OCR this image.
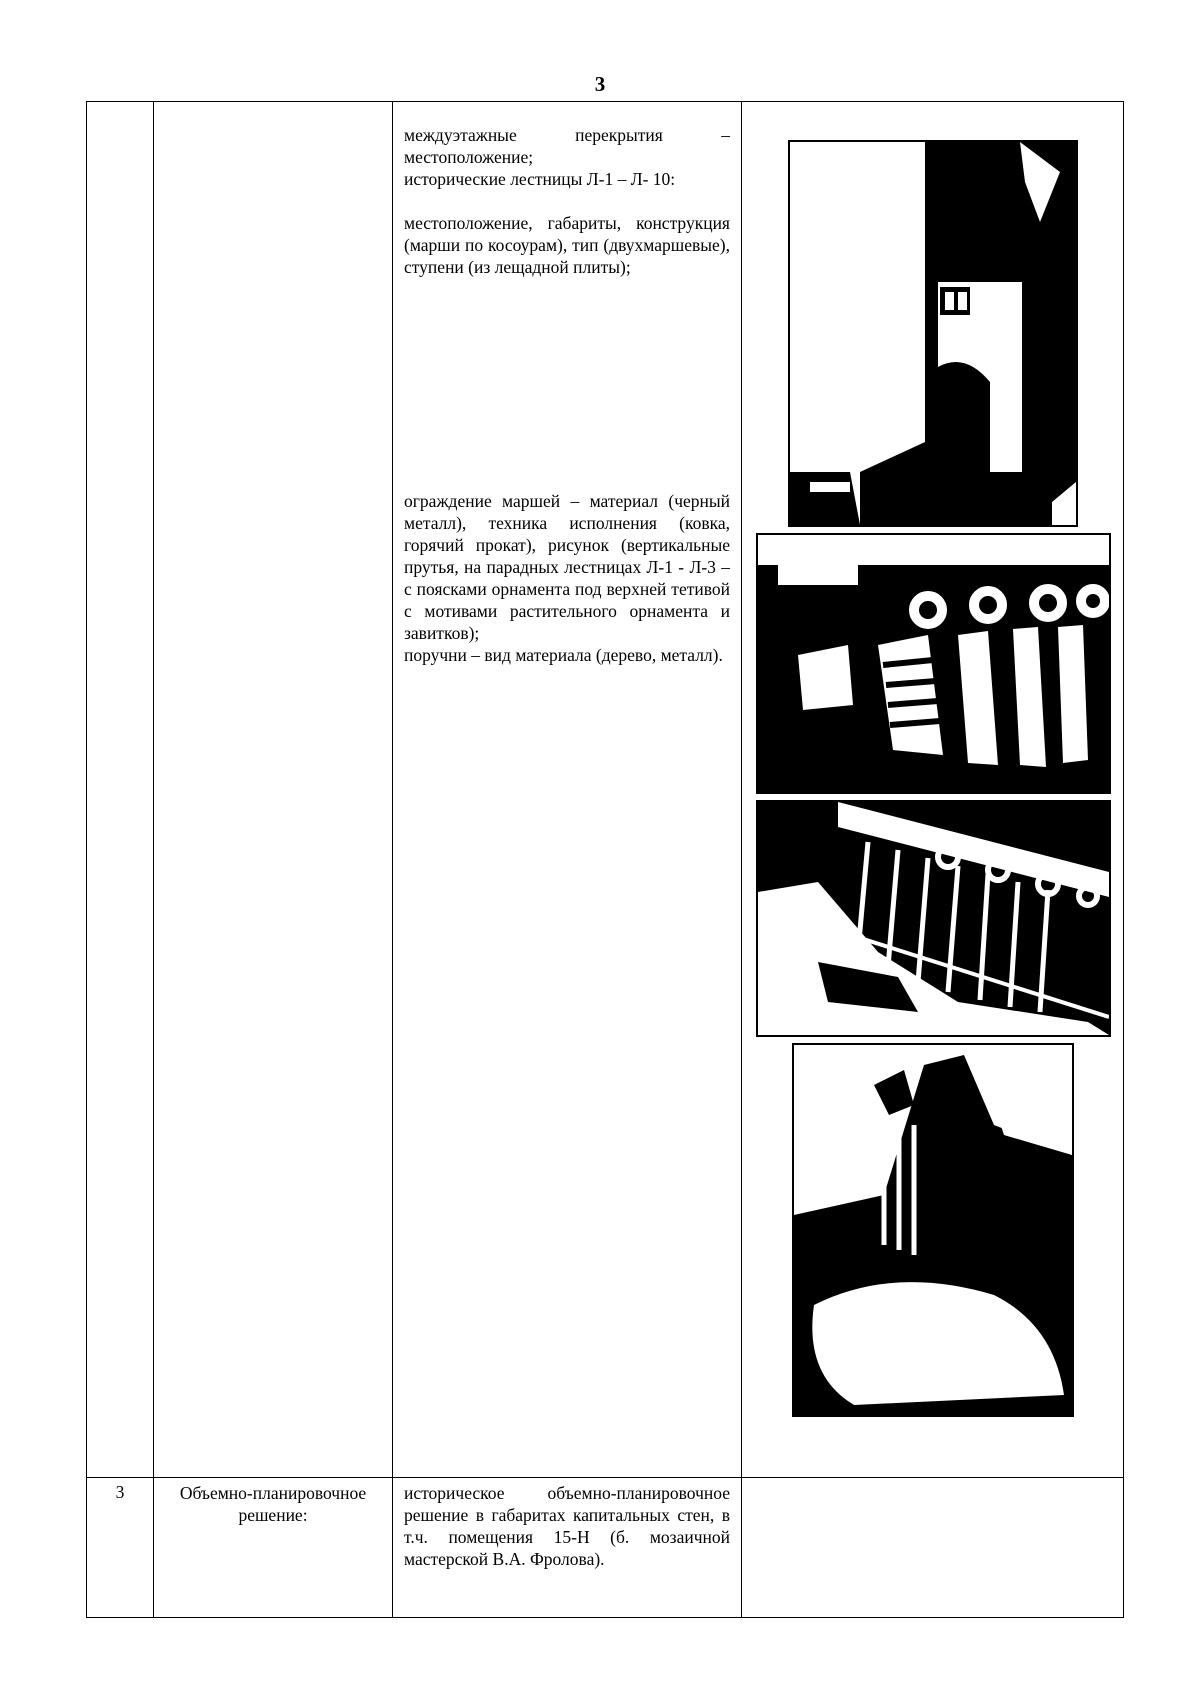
3

		междуэтажные перекрытия – местоположение;

исторические лестницы Л-1 – Л- 10:

местоположение, габариты, конструкция (марши по косоурам), тип (двухмаршевые), ступени (из лещадной плиты);

ограждение маршей – материал (черный металл), техника исполнения (ковка, горячий прокат), рисунок (вертикальные прутья, на парадных лестницах Л-1 - Л-3 – с поясками орнамента под верхней тетивой с мотивами растительного орнамента и завитков);

поручни – вид материала (дерево, металл).

3	Объемно-планировочное решение:	историческое объемно-планировочное решение в габаритах капитальных стен, в т.ч. помещения 15-Н (б. мозаичной мастерской В.А. Фролова).	
